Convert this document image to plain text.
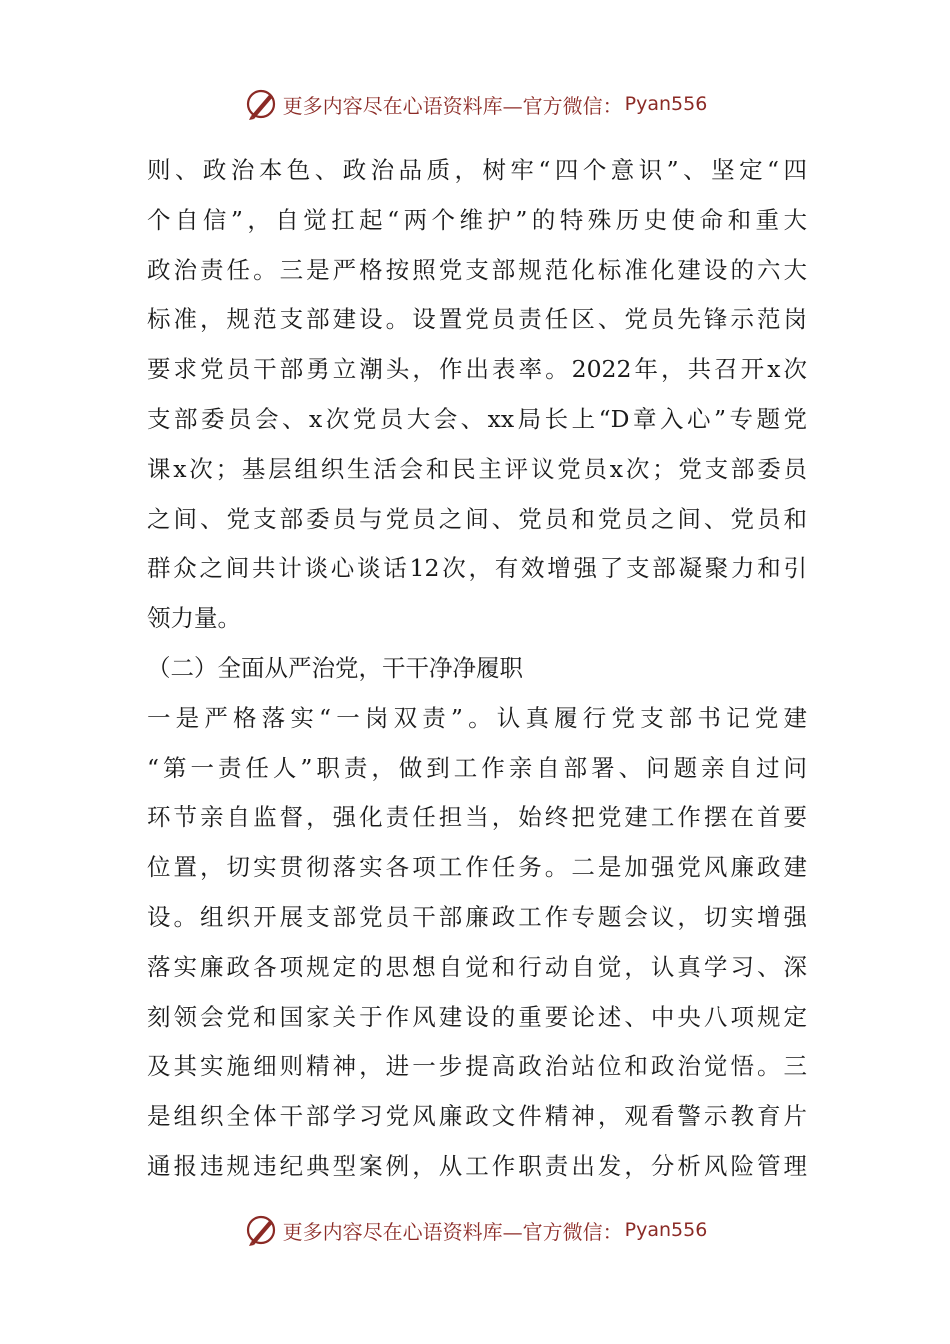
更多内容尽在心语资料库—官方微信： Pyan556
则、政治本色、政治品质，树牢“四个意识”、坚定“四
个自信”，自觉扛起“两个维护”的特殊历史使命和重大
政治责任。三是严格按照党支部规范化标准化建设的六大
标准，规范支部建设。设置党员责任区、党员先锋示范岗
要求党员干部勇立潮头，作出表率。2022年，共召开x次
支部委员会、x次党员大会、xx局长上“D章入心”专题党
课x次；基层组织生活会和民主评议党员x次；党支部委员
之间、党支部委员与党员之间、党员和党员之间、党员和
群众之间共计谈心谈话12次，有效增强了支部凝聚力和引
领力量。
（二）全面从严治党，干干净净履职
一是严格落实“一岗双责”。认真履行党支部书记党建
“第一责任人”职责，做到工作亲自部署、问题亲自过问
环节亲自监督，强化责任担当，始终把党建工作摆在首要
位置，切实贯彻落实各项工作任务。二是加强党风廉政建
设。组织开展支部党员干部廉政工作专题会议，切实增强
落实廉政各项规定的思想自觉和行动自觉，认真学习、深
刻领会党和国家关于作风建设的重要论述、中央八项规定
及其实施细则精神，进一步提高政治站位和政治觉悟。三
是组织全体干部学习党风廉政文件精神，观看警示教育片
通报违规违纪典型案例，从工作职责出发，分析风险管理
更多内容尽在心语资料库—官方微信： Pyan556
